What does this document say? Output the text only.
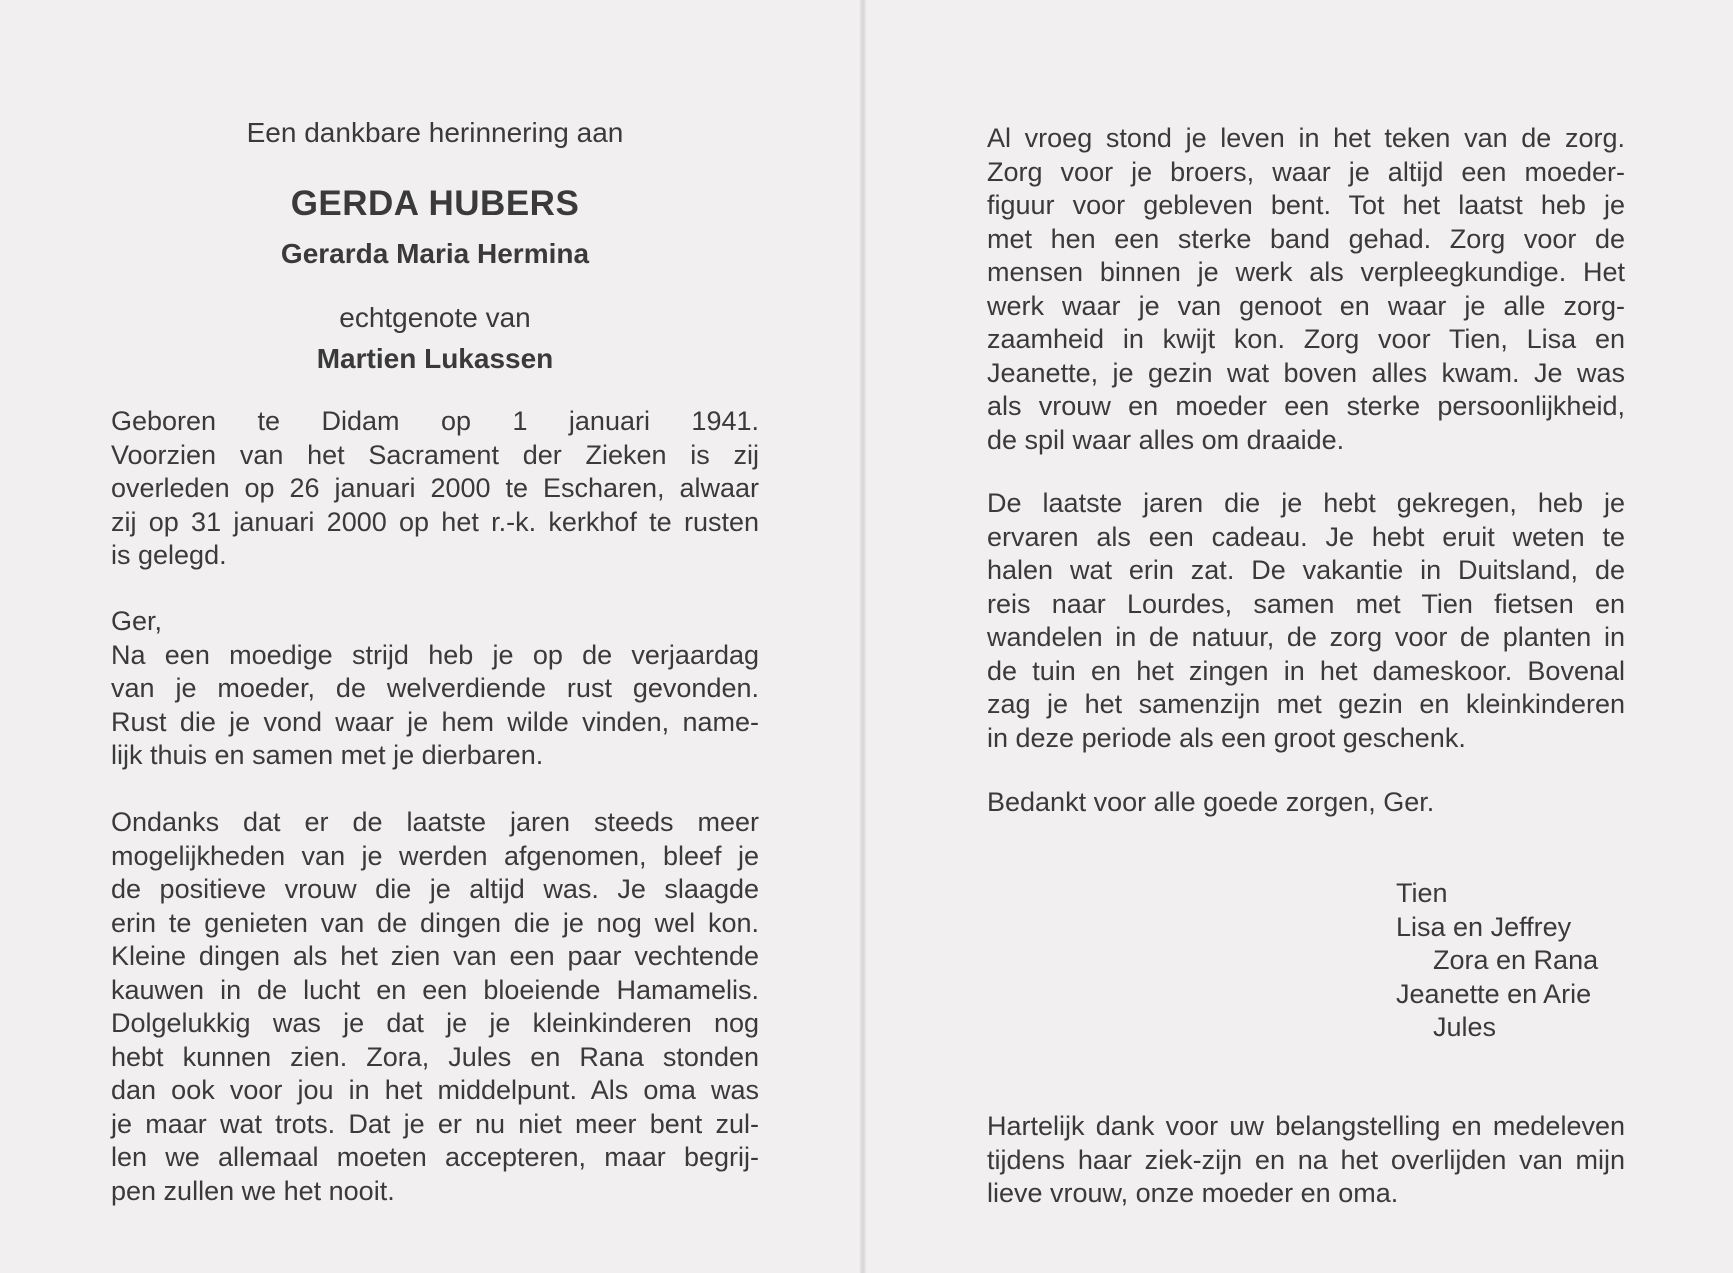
Een dankbare herinnering aan
GERDA HUBERS
Gerarda Maria Hermina
echtgenote van
Martien Lukassen
Geboren te Didam op 1 januari 1941.
Voorzien van het Sacrament der Zieken is zij
overleden op 26 januari 2000 te Escharen, alwaar
zij op 31 januari 2000 op het r.-k. kerkhof te rusten
is gelegd.
Ger,
Na een moedige strijd heb je op de verjaardag
van je moeder, de welverdiende rust gevonden.
Rust die je vond waar je hem wilde vinden, name-
lijk thuis en samen met je dierbaren.
Ondanks dat er de laatste jaren steeds meer
mogelijkheden van je werden afgenomen, bleef je
de positieve vrouw die je altijd was. Je slaagde
erin te genieten van de dingen die je nog wel kon.
Kleine dingen als het zien van een paar vechtende
kauwen in de lucht en een bloeiende Hamamelis.
Dolgelukkig was je dat je je kleinkinderen nog
hebt kunnen zien. Zora, Jules en Rana stonden
dan ook voor jou in het middelpunt. Als oma was
je maar wat trots. Dat je er nu niet meer bent zul-
len we allemaal moeten accepteren, maar begrij-
pen zullen we het nooit.
Al vroeg stond je leven in het teken van de zorg.
Zorg voor je broers, waar je altijd een moeder-
figuur voor gebleven bent. Tot het laatst heb je
met hen een sterke band gehad. Zorg voor de
mensen binnen je werk als verpleegkundige. Het
werk waar je van genoot en waar je alle zorg-
zaamheid in kwijt kon. Zorg voor Tien, Lisa en
Jeanette, je gezin wat boven alles kwam. Je was
als vrouw en moeder een sterke persoonlijkheid,
de spil waar alles om draaide.
De laatste jaren die je hebt gekregen, heb je
ervaren als een cadeau. Je hebt eruit weten te
halen wat erin zat. De vakantie in Duitsland, de
reis naar Lourdes, samen met Tien fietsen en
wandelen in de natuur, de zorg voor de planten in
de tuin en het zingen in het dameskoor. Bovenal
zag je het samenzijn met gezin en kleinkinderen
in deze periode als een groot geschenk.
Bedankt voor alle goede zorgen, Ger.
Tien
Lisa en Jeffrey
Zora en Rana
Jeanette en Arie
Jules
Hartelijk dank voor uw belangstelling en medeleven
tijdens haar ziek-zijn en na het overlijden van mijn
lieve vrouw, onze moeder en oma.
